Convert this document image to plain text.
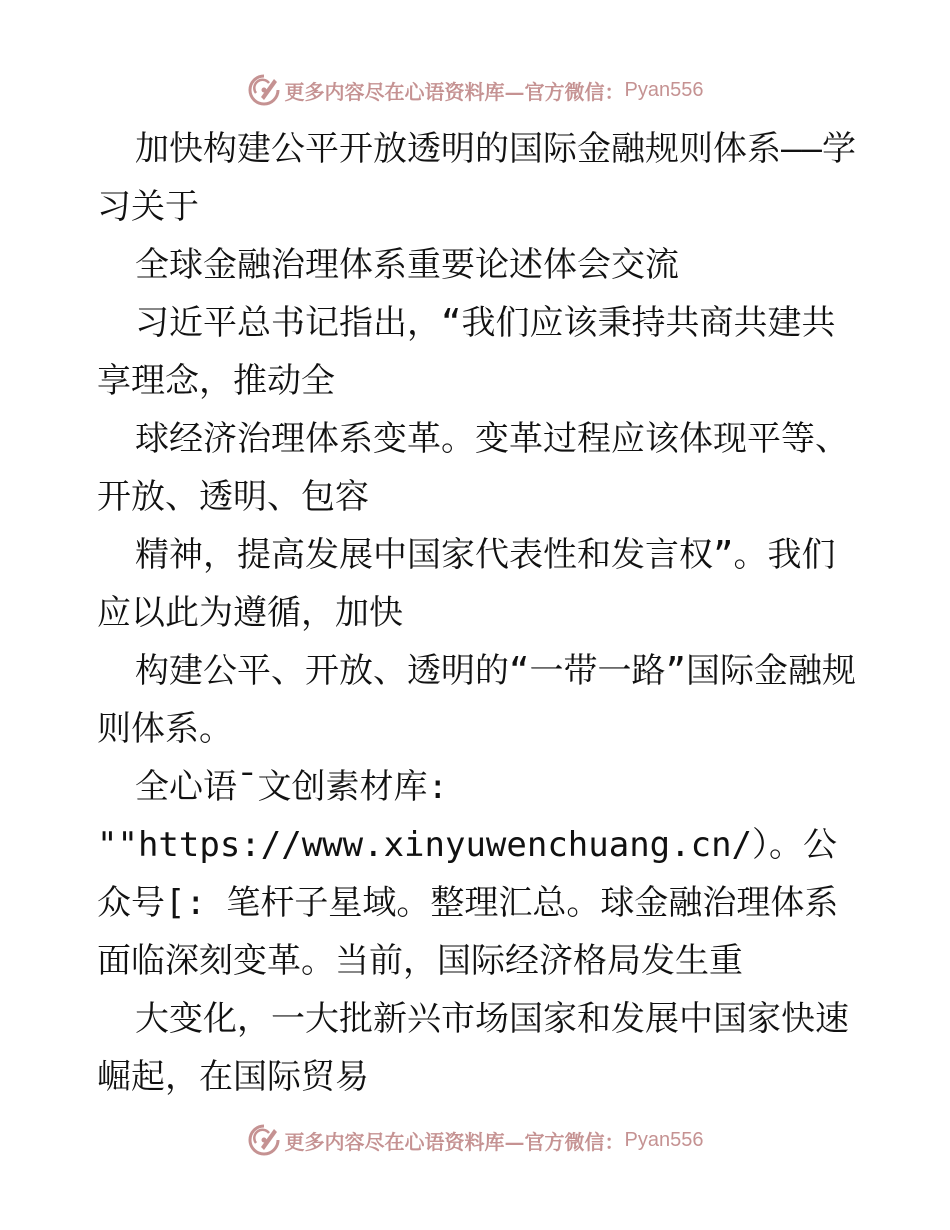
更多内容尽在心语资料库—官方微信： Pyan556

加快构建公平开放透明的国际金融规则体系——学习关于

全球金融治理体系重要论述体会交流

习近平总书记指出，“我们应该秉持共商共建共享理念，推动全

球经济治理体系变革。变革过程应该体现平等、开放、透明、包容

精神，提高发展中国家代表性和发言权”。我们应以此为遵循，加快

构建公平、开放、透明的“一带一路”国际金融规则体系。

全心语¯文创素材库: ""https://www.xinyuwenchuang.cn/）。公众号[: 笔杆子星域。整理汇总。球金融治理体系面临深刻变革。当前，国际经济格局发生重

大变化，一大批新兴市场国家和发展中国家快速崛起，在国际贸易

更多内容尽在心语资料库—官方微信： Pyan556
